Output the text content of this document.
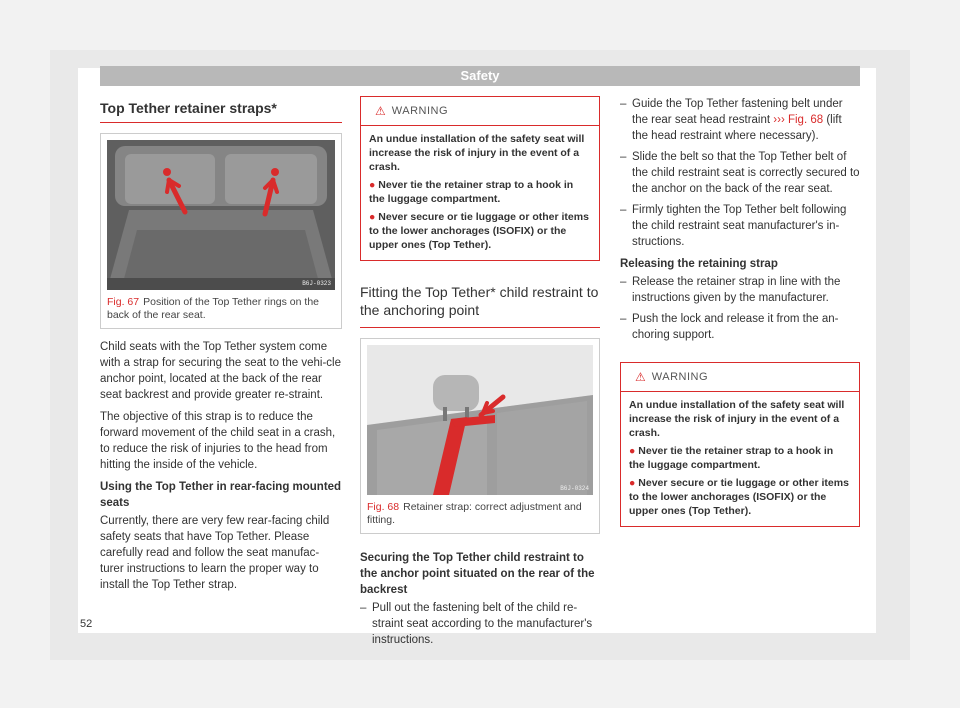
Safety
Top Tether retainer straps*
B6J-0323
Fig. 67 Position of the Top Tether rings on the back of the rear seat.

Child seats with the Top Tether system come with a strap for securing the seat to the vehi-cle anchor point, located at the back of the rear seat backrest and provide greater re-straint.

The objective of this strap is to reduce the forward movement of the child seat in a crash, to reduce the risk of injuries to the head from hitting the inside of the vehicle.

Using the Top Tether in rear-facing mounted seats

Currently, there are very few rear-facing child safety seats that have Top Tether. Please carefully read and follow the seat manufac-turer instructions to learn the proper way to install the Top Tether strap.

⚠ WARNING
An undue installation of the safety seat will increase the risk of injury in the event of a crash.
● Never tie the retainer strap to a hook in the luggage compartment.
● Never secure or tie luggage or other items to the lower anchorages (ISOFIX) or the upper ones (Top Tether).
Fitting the Top Tether* child restraint to the anchoring point
B6J-0324
Fig. 68 Retainer strap: correct adjustment and fitting.
Securing the Top Tether child restraint to the anchor point situated on the rear of the backrest
– Pull out the fastening belt of the child re-straint seat according to the manufacturer's instructions.
– Guide the Top Tether fastening belt under the rear seat head restraint ››› Fig. 68 (lift the head restraint where necessary).
– Slide the belt so that the Top Tether belt of the child restraint seat is correctly secured to the anchor on the back of the rear seat.
– Firmly tighten the Top Tether belt following the child restraint seat manufacturer's in-structions.
Releasing the retaining strap
– Release the retainer strap in line with the instructions given by the manufacturer.
– Push the lock and release it from the an-choring support.
⚠ WARNING
An undue installation of the safety seat will increase the risk of injury in the event of a crash.
● Never tie the retainer strap to a hook in the luggage compartment.
● Never secure or tie luggage or other items to the lower anchorages (ISOFIX) or the upper ones (Top Tether).
52
